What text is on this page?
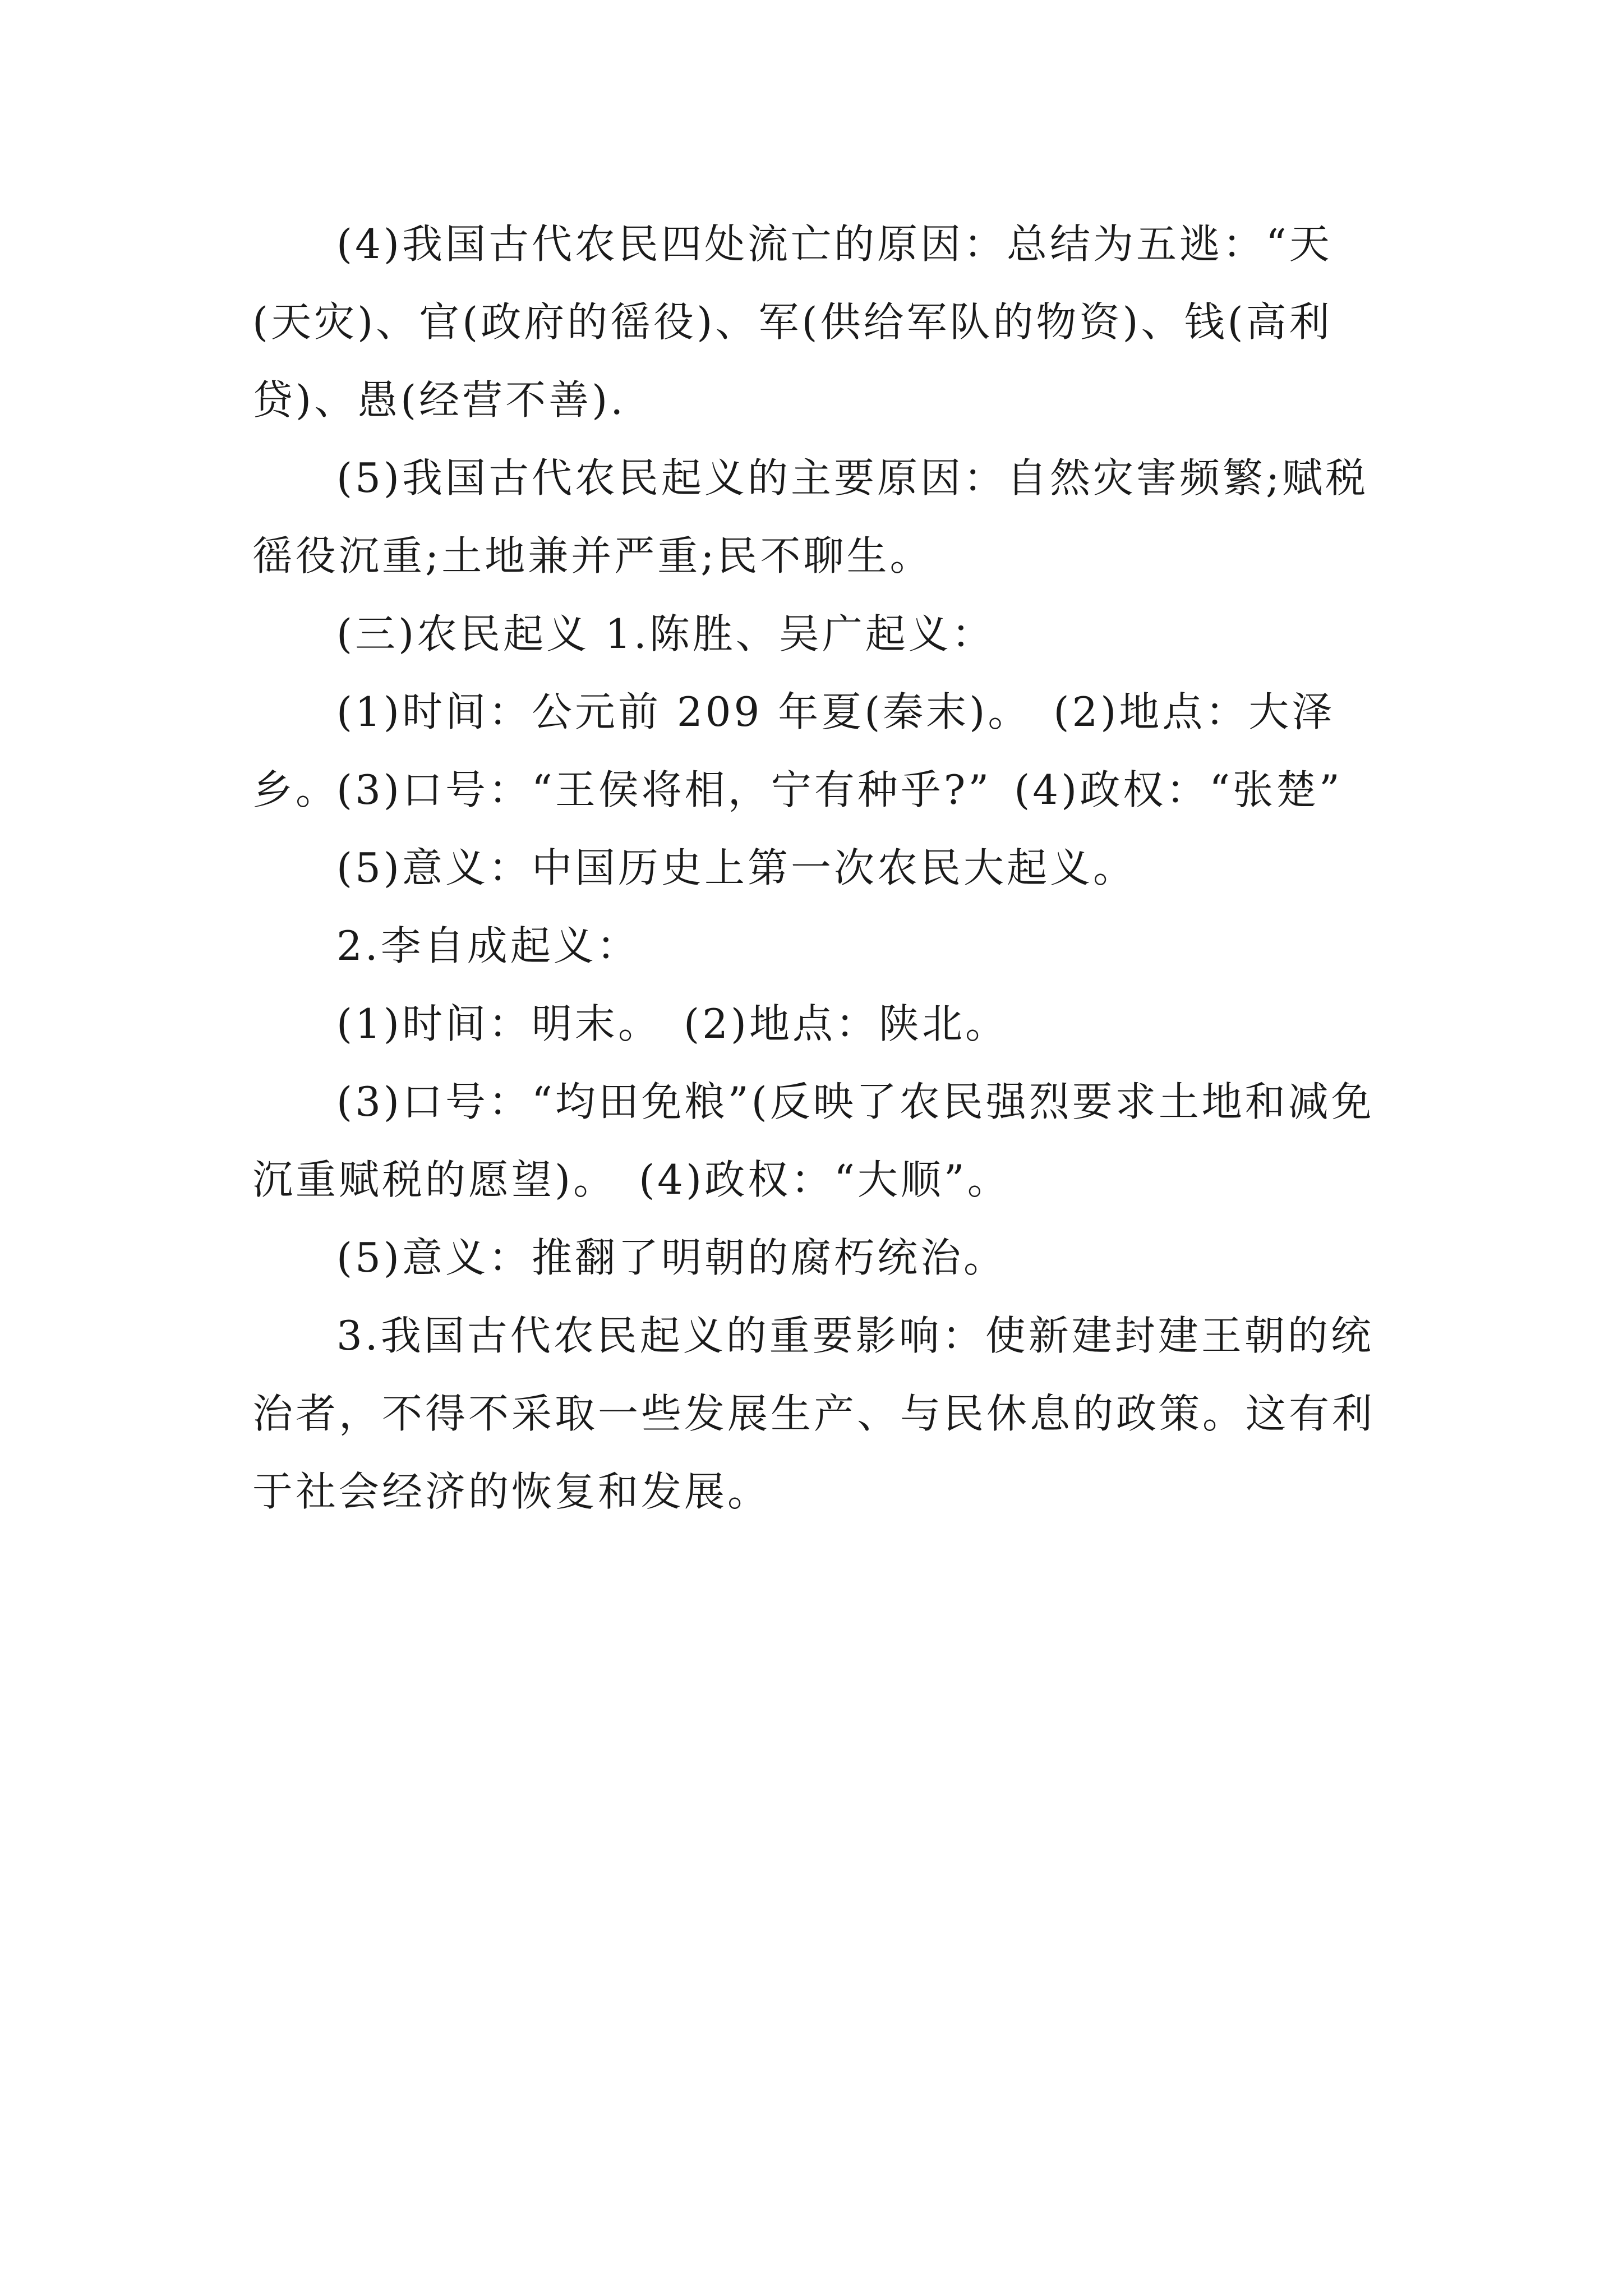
(4)我国古代农民四处流亡的原因：总结为五逃：“天(天灾)、官(政府的徭役)、军(供给军队的物资)、钱(高利贷)、愚(经营不善).

(5)我国古代农民起义的主要原因：自然灾害频繁;赋税徭役沉重;土地兼并严重;民不聊生。

(三)农民起义 1.陈胜、吴广起义：

(1)时间：公元前 209 年夏(秦末)。 (2)地点：大泽乡。

(3)口号：“王侯将相，宁有种乎?” (4)政权：“张楚”

(5)意义：中国历史上第一次农民大起义。

2.李自成起义：

(1)时间：明末。 (2)地点：陕北。

(3)口号：“均田免粮”(反映了农民强烈要求土地和减免沉重赋税的愿望)。 (4)政权：“大顺”。

(5)意义：推翻了明朝的腐朽统治。

3.我国古代农民起义的重要影响：使新建封建王朝的统治者，不得不采取一些发展生产、与民休息的政策。这有利于社会经济的恢复和发展。
